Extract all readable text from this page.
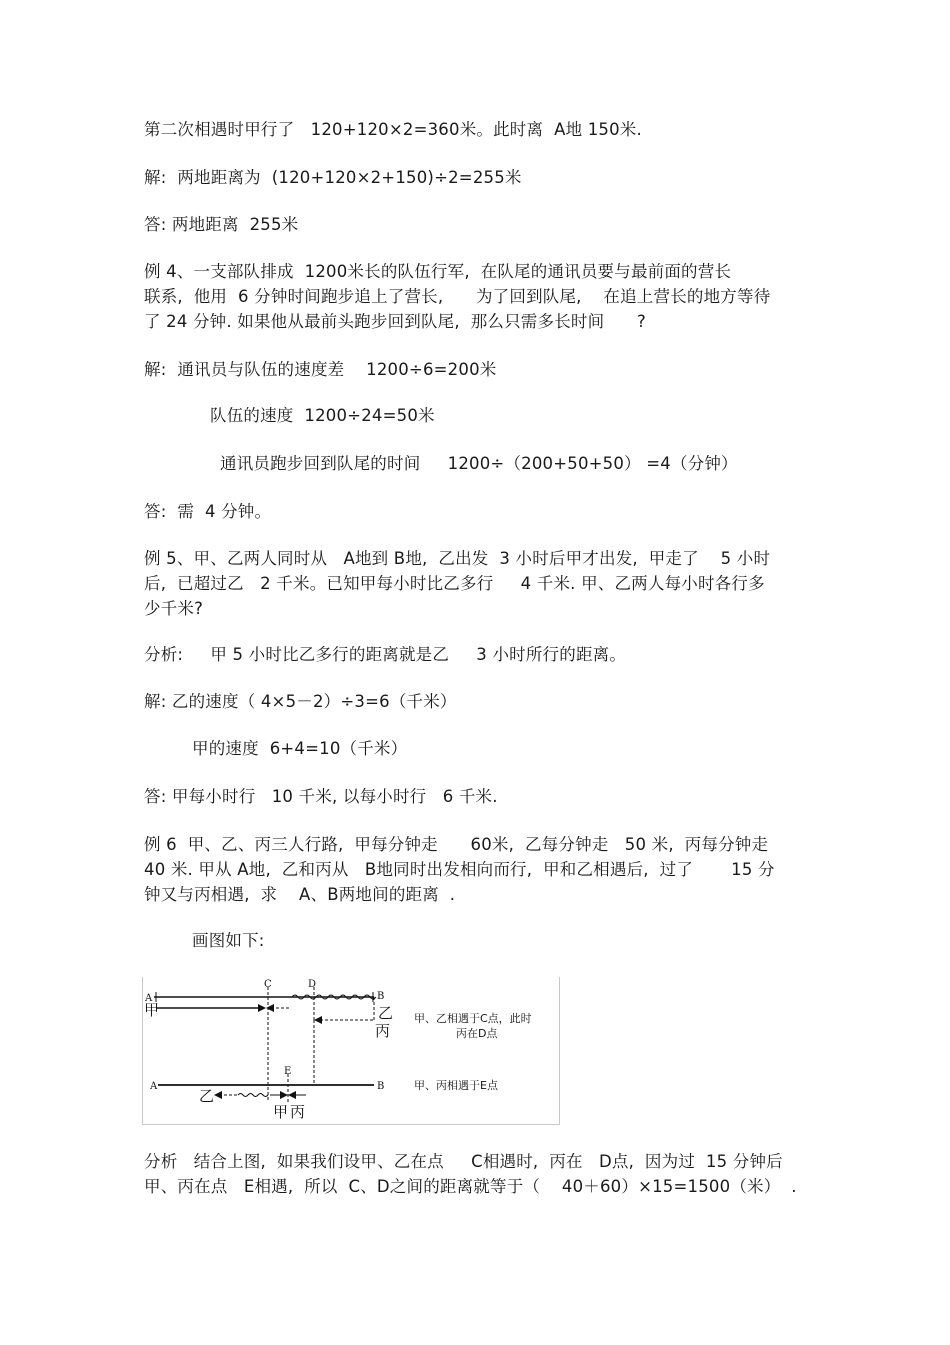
第二次相遇时甲行了   120+120×2=360米。此时离  A地 150米.
解:  两地距离为  (120+120×2+150)÷2=255米
答: 两地距离  255米
例 4、一支部队排成  1200米长的队伍行军,  在队尾的通讯员要与最前面的营长
联系,  他用  6 分钟时间跑步追上了营长,      为了回到队尾,    在追上营长的地方等待
了 24 分钟. 如果他从最前头跑步回到队尾,  那么只需多长时间      ?
解:  通讯员与队伍的速度差    1200÷6=200米
队伍的速度  1200÷24=50米
通讯员跑步回到队尾的时间     1200÷（200+50+50） =4（分钟）
答:  需  4 分钟。
例 5、甲、乙两人同时从   A地到 B地,  乙出发  3 小时后甲才出发,  甲走了    5 小时
后,  已超过乙   2 千米。已知甲每小时比乙多行     4 千米. 甲、乙两人每小时各行多
少千米?
分析:     甲 5 小时比乙多行的距离就是乙     3 小时所行的距离。
解: 乙的速度（ 4×5－2）÷3=6（千米）
甲的速度  6+4=10（千米）
答: 甲每小时行   10 千米, 以每小时行   6 千米.
例 6  甲、乙、丙三人行路,  甲每分钟走      60米,  乙每分钟走   50 米,  丙每分钟走
40 米. 甲从 A地,  乙和丙从   B地同时出发相向而行,  甲和乙相遇后,  过了       15 分
钟又与丙相遇,  求    A、B两地间的距离  .
画图如下:
A
甲
C	D
B
乙
丙
甲、乙相遇于C点，此时
丙在D点
A
E
B
乙
甲 丙
甲、丙相遇于E点
分析   结合上图,  如果我们设甲、乙在点     C相遇时,  丙在   D点,  因为过  15 分钟后
甲、丙在点   E相遇,  所以  C、D之间的距离就等于（    40＋60）×15=1500（米）  .
